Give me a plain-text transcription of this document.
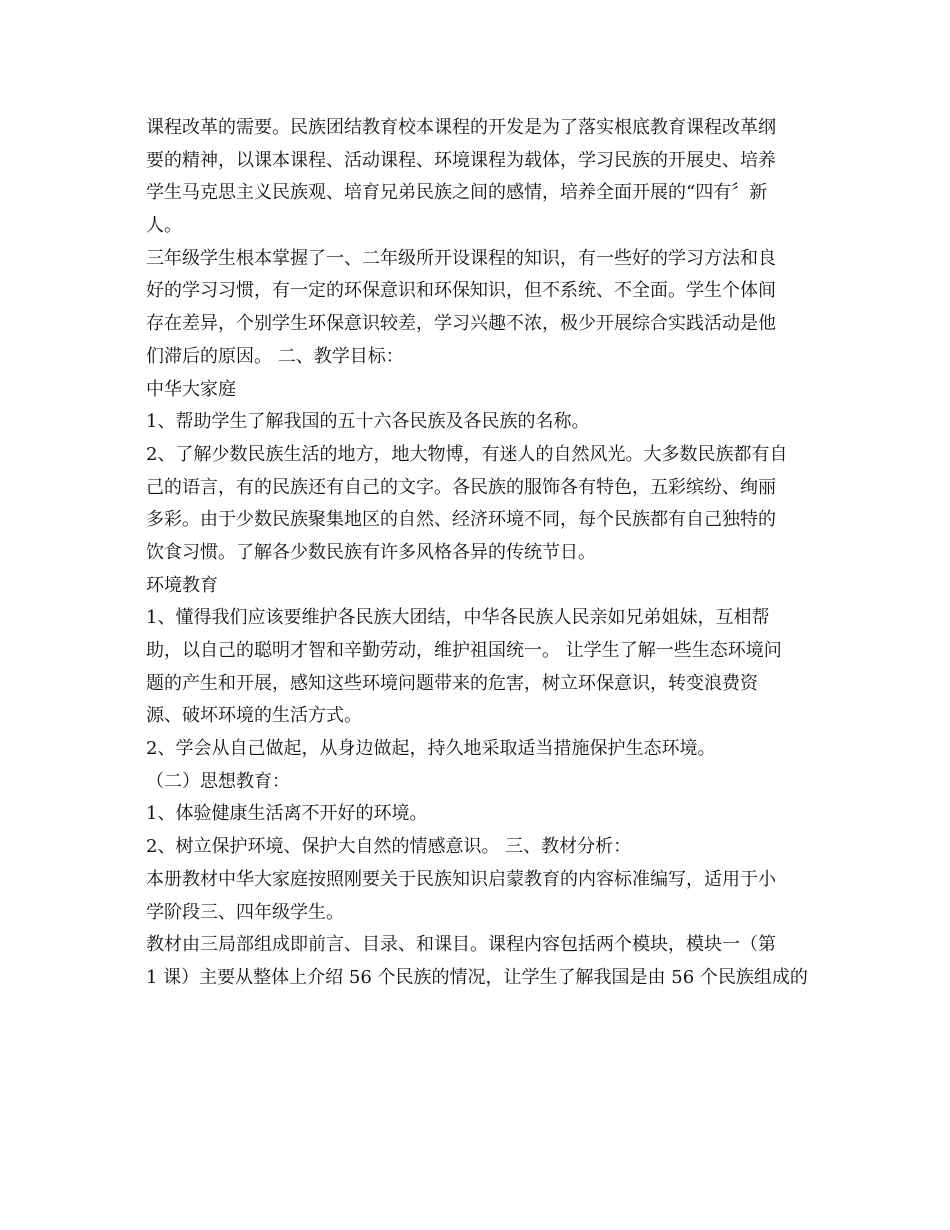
课程改革的需要。民族团结教育校本课程的开发是为了落实根底教育课程改革纲
要的精神，以课本课程、活动课程、环境课程为载体，学习民族的开展史、培养
学生马克思主义民族观、培育兄弟民族之间的感情，培养全面开展的“四有〞新
人。
三年级学生根本掌握了一、二年级所开设课程的知识，有一些好的学习方法和良
好的学习习惯，有一定的环保意识和环保知识，但不系统、不全面。学生个体间
存在差异，个别学生环保意识较差，学习兴趣不浓，极少开展综合实践活动是他
们滞后的原因。 二、教学目标：
中华大家庭
1、帮助学生了解我国的五十六各民族及各民族的名称。
2、了解少数民族生活的地方，地大物博，有迷人的自然风光。大多数民族都有自
己的语言，有的民族还有自己的文字。各民族的服饰各有特色，五彩缤纷、绚丽
多彩。由于少数民族聚集地区的自然、经济环境不同，每个民族都有自己独特的
饮食习惯。了解各少数民族有许多风格各异的传统节日。
环境教育
1、懂得我们应该要维护各民族大团结，中华各民族人民亲如兄弟姐妹，互相帮
助，以自己的聪明才智和辛勤劳动，维护祖国统一。 让学生了解一些生态环境问
题的产生和开展，感知这些环境问题带来的危害，树立环保意识，转变浪费资
源、破坏环境的生活方式。
2、学会从自己做起，从身边做起，持久地采取适当措施保护生态环境。
（二）思想教育：
1、体验健康生活离不开好的环境。
2、树立保护环境、保护大自然的情感意识。 三、教材分析：
本册教材中华大家庭按照刚要关于民族知识启蒙教育的内容标准编写，适用于小
学阶段三、四年级学生。
教材由三局部组成即前言、目录、和课目。课程内容包括两个模块，模块一（第
1 课）主要从整体上介绍 56 个民族的情况，让学生了解我国是由 56 个民族组成的
